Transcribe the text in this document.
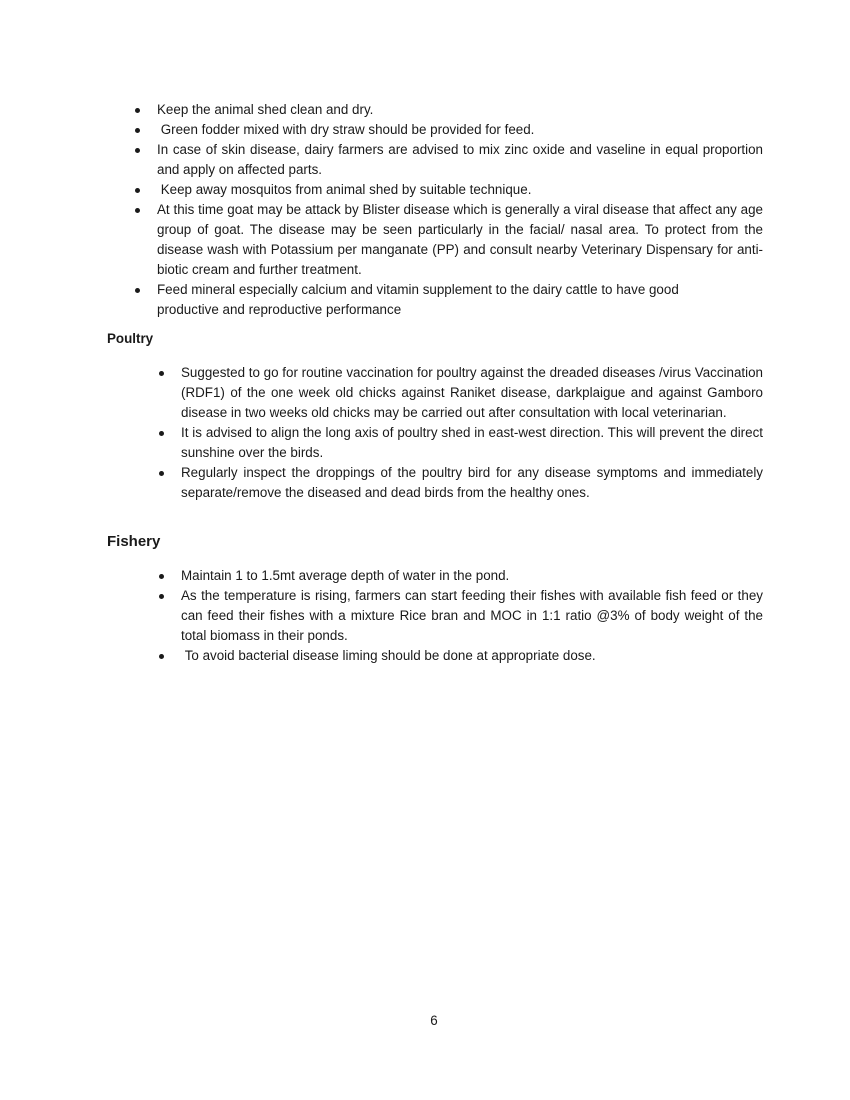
Keep the animal shed clean and dry.
Green fodder mixed with dry straw should be provided for feed.
In case of skin disease, dairy farmers are advised to mix zinc oxide and vaseline in equal proportion and apply on affected parts.
Keep away mosquitos from animal shed by suitable technique.
At this time goat may be attack by Blister disease which is generally a viral disease that affect any age group of goat. The disease may be seen particularly in the facial/ nasal area. To protect from the disease wash with Potassium per manganate (PP) and consult nearby Veterinary Dispensary for anti-biotic cream and further treatment.
Feed mineral especially calcium and vitamin supplement to the dairy cattle to have good productive and reproductive performance
Poultry
Suggested to go for routine vaccination for poultry against the dreaded diseases /virus Vaccination (RDF1) of the one week old chicks against Raniket disease, darkplaigue and against Gamboro disease in two weeks old chicks may be carried out after consultation with local veterinarian.
It is advised to align the long axis of poultry shed in east-west direction. This will prevent the direct sunshine over the birds.
Regularly inspect the droppings of the poultry bird for any disease symptoms and immediately separate/remove the diseased and dead birds from the healthy ones.
Fishery
Maintain 1 to 1.5mt average depth of water in the pond.
As the temperature is rising, farmers can start feeding their fishes with available fish feed or they can feed their fishes with a mixture Rice bran and MOC in 1:1 ratio @3% of body weight of the total biomass in their ponds.
To avoid bacterial disease liming should be done at appropriate dose.
6
